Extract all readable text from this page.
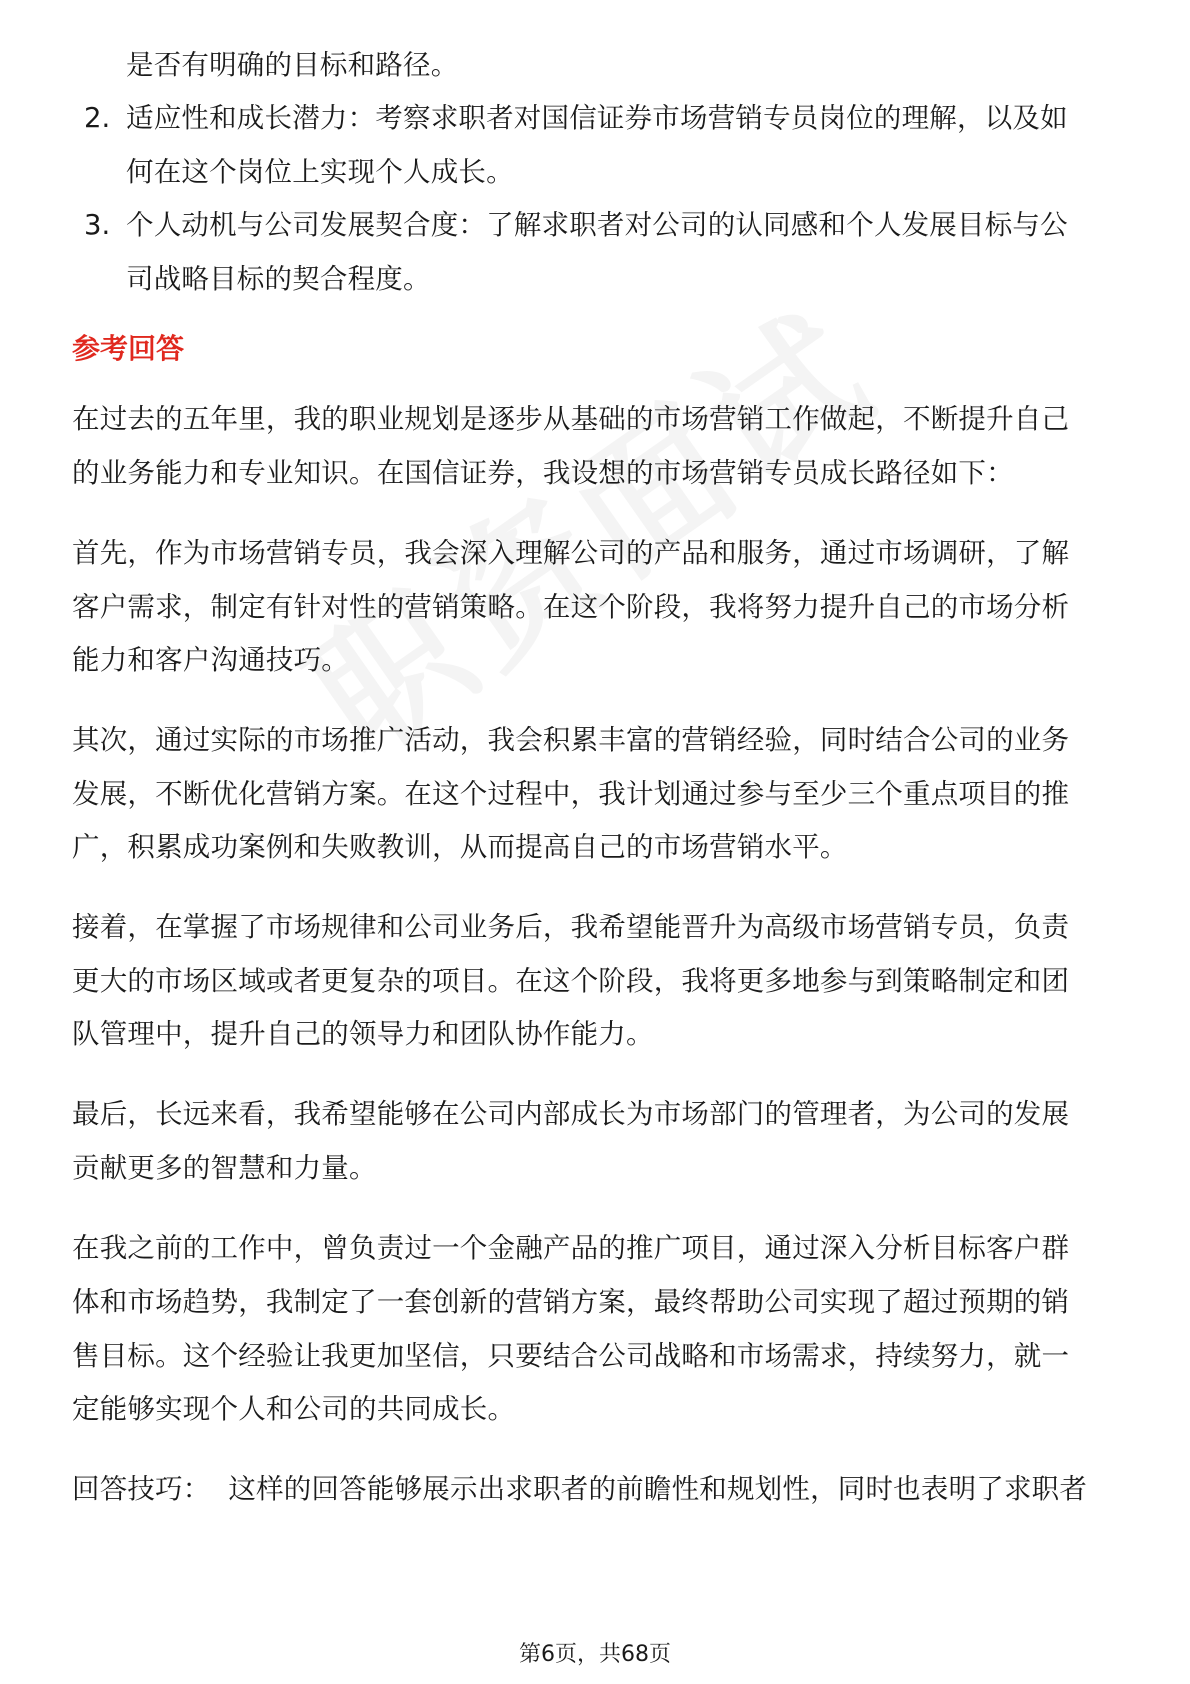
是否有明确的目标和路径。
2. 适应性和成长潜力：考察求职者对国信证券市场营销专员岗位的理解，以及如
何在这个岗位上实现个人成长。
3. 个人动机与公司发展契合度：了解求职者对公司的认同感和个人发展目标与公
司战略目标的契合程度。
参考回答
在过去的五年里，我的职业规划是逐步从基础的市场营销工作做起，不断提升自己
的业务能力和专业知识。在国信证券，我设想的市场营销专员成长路径如下：
首先，作为市场营销专员，我会深入理解公司的产品和服务，通过市场调研，了解
客户需求，制定有针对性的营销策略。在这个阶段，我将努力提升自己的市场分析
能力和客户沟通技巧。
其次，通过实际的市场推广活动，我会积累丰富的营销经验，同时结合公司的业务
发展，不断优化营销方案。在这个过程中，我计划通过参与至少三个重点项目的推
广，积累成功案例和失败教训，从而提高自己的市场营销水平。
接着，在掌握了市场规律和公司业务后，我希望能晋升为高级市场营销专员，负责
更大的市场区域或者更复杂的项目。在这个阶段，我将更多地参与到策略制定和团
队管理中，提升自己的领导力和团队协作能力。
最后，长远来看，我希望能够在公司内部成长为市场部门的管理者，为公司的发展
贡献更多的智慧和力量。
在我之前的工作中，曾负责过一个金融产品的推广项目，通过深入分析目标客户群
体和市场趋势，我制定了一套创新的营销方案，最终帮助公司实现了超过预期的销
售目标。这个经验让我更加坚信，只要结合公司战略和市场需求，持续努力，就一
定能够实现个人和公司的共同成长。
回答技巧：  这样的回答能够展示出求职者的前瞻性和规划性，同时也表明了求职者
第6页，共68页
